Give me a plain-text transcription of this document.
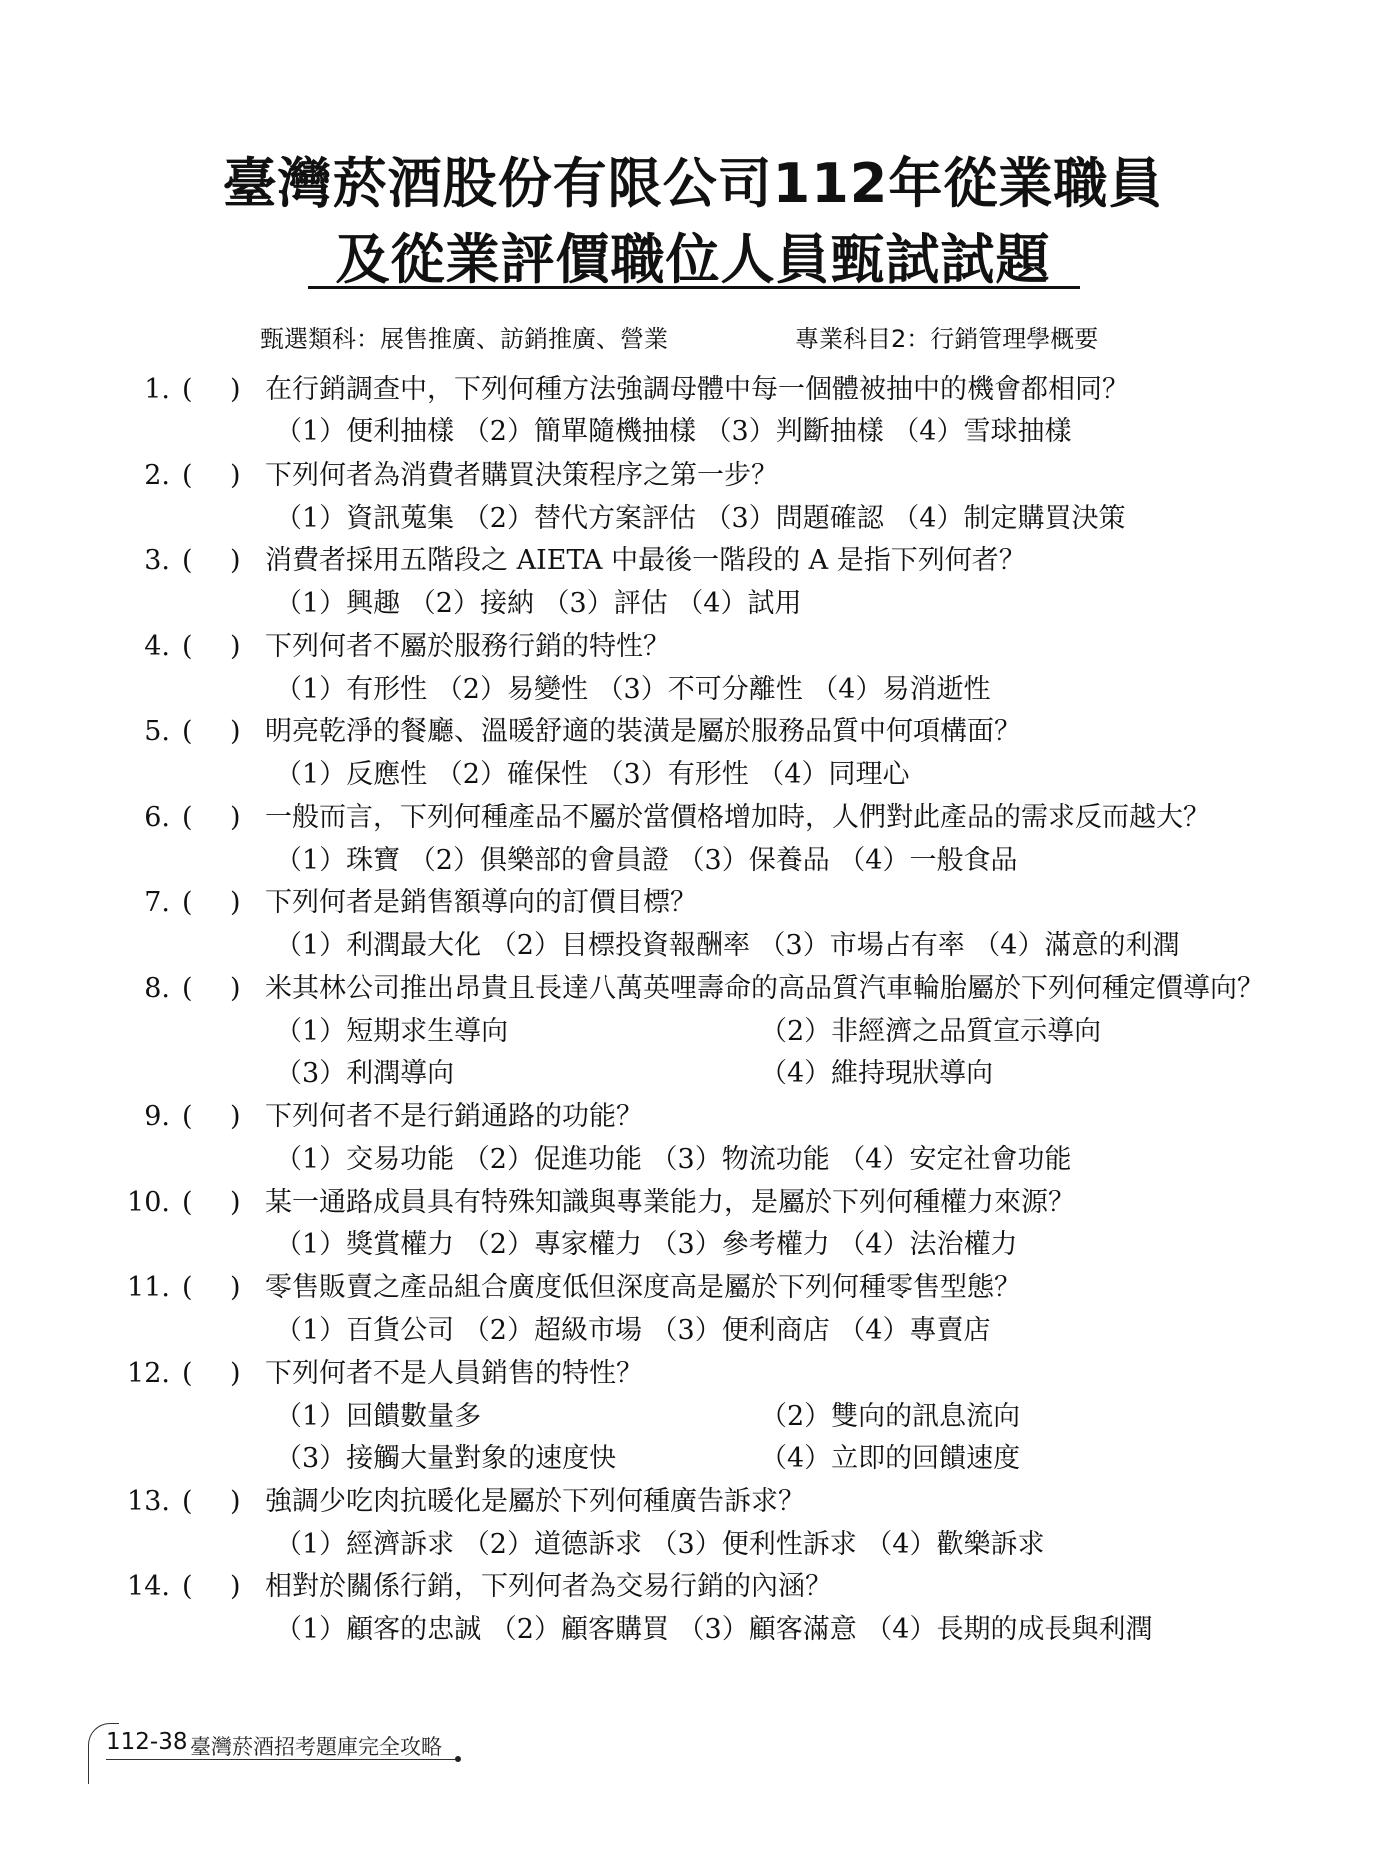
臺灣菸酒股份有限公司112年從業職員
及從業評價職位人員甄試試題
甄選類科：展售推廣、訪銷推廣、營業	專業科目2：行銷管理學概要
1. ( ) 在行銷調查中，下列何種方法強調母體中每一個體被抽中的機會都相同？
（1）便利抽樣 （2）簡單隨機抽樣 （3）判斷抽樣 （4）雪球抽樣
2. ( ) 下列何者為消費者購買決策程序之第一步？
（1）資訊蒐集 （2）替代方案評估 （3）問題確認 （4）制定購買決策
3. ( ) 消費者採用五階段之 AIETA 中最後一階段的 A 是指下列何者？
（1）興趣 （2）接納 （3）評估 （4）試用
4. ( ) 下列何者不屬於服務行銷的特性？
（1）有形性 （2）易變性 （3）不可分離性 （4）易消逝性
5. ( ) 明亮乾淨的餐廳、溫暖舒適的裝潢是屬於服務品質中何項構面？
（1）反應性 （2）確保性 （3）有形性 （4）同理心
6. ( ) 一般而言，下列何種產品不屬於當價格增加時，人們對此產品的需求反而越大？
（1）珠寶 （2）俱樂部的會員證 （3）保養品 （4）一般食品
7. ( ) 下列何者是銷售額導向的訂價目標？
（1）利潤最大化 （2）目標投資報酬率 （3）市場占有率 （4）滿意的利潤
8. ( ) 米其林公司推出昂貴且長達八萬英哩壽命的高品質汽車輪胎屬於下列何種定價導向？
（1）短期求生導向	（2）非經濟之品質宣示導向
（3）利潤導向	（4）維持現狀導向
9. ( ) 下列何者不是行銷通路的功能？
（1）交易功能 （2）促進功能 （3）物流功能 （4）安定社會功能
10. ( ) 某一通路成員具有特殊知識與專業能力，是屬於下列何種權力來源？
（1）獎賞權力 （2）專家權力 （3）參考權力 （4）法治權力
11. ( ) 零售販賣之產品組合廣度低但深度高是屬於下列何種零售型態？
（1）百貨公司 （2）超級市場 （3）便利商店 （4）專賣店
12. ( ) 下列何者不是人員銷售的特性？
（1）回饋數量多	（2）雙向的訊息流向
（3）接觸大量對象的速度快	（4）立即的回饋速度
13. ( ) 強調少吃肉抗暖化是屬於下列何種廣告訴求？
（1）經濟訴求 （2）道德訴求 （3）便利性訴求 （4）歡樂訴求
14. ( ) 相對於關係行銷，下列何者為交易行銷的內涵？
（1）顧客的忠誠 （2）顧客購買 （3）顧客滿意 （4）長期的成長與利潤
112-38 臺灣菸酒招考題庫完全攻略
